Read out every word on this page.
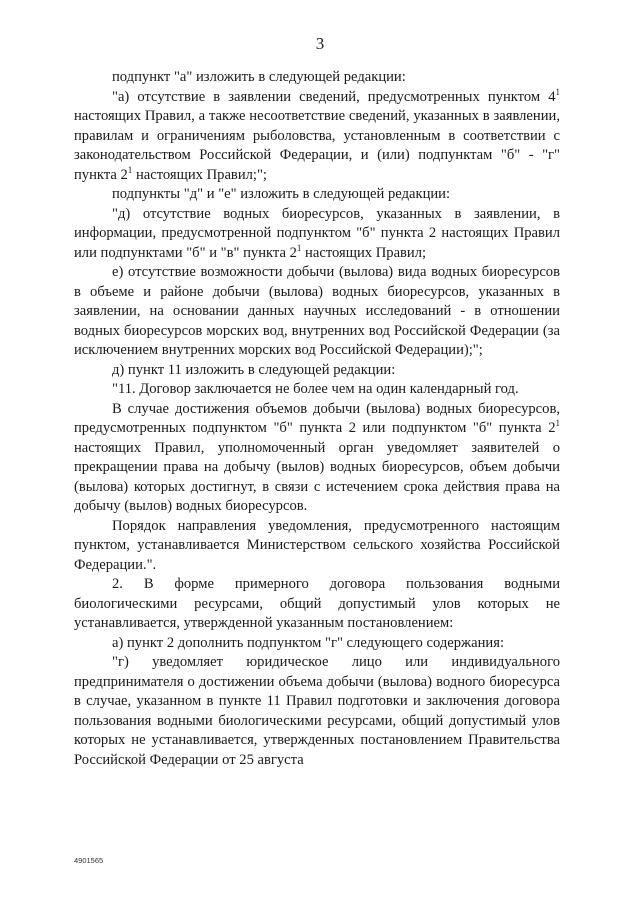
3

подпункт "а" изложить в следующей редакции:

"а) отсутствие в заявлении сведений, предусмотренных пунктом $4^1$ настоящих Правил, а также несоответствие сведений, указанных в заявлении, правилам и ограничениям рыболовства, установленным в соответствии с законодательством Российской Федерации, и (или) подпунктам "б" - "г" пункта $2^1$ настоящих Правил;";

подпункты "д" и "е" изложить в следующей редакции:

"д) отсутствие водных биоресурсов, указанных в заявлении, в информации, предусмотренной подпунктом "б" пункта 2 настоящих Правил или подпунктами "б" и "в" пункта $2^1$ настоящих Правил;

е) отсутствие возможности добычи (вылова) вида водных биоресурсов в объеме и районе добычи (вылова) водных биоресурсов, указанных в заявлении, на основании данных научных исследований - в отношении водных биоресурсов морских вод, внутренних вод Российской Федерации (за исключением внутренних морских вод Российской Федерации);";

д) пункт 11 изложить в следующей редакции:

"11. Договор заключается не более чем на один календарный год.

В случае достижения объемов добычи (вылова) водных биоресурсов, предусмотренных подпунктом "б" пункта 2 или подпунктом "б" пункта $2^1$ настоящих Правил, уполномоченный орган уведомляет заявителей о прекращении права на добычу (вылов) водных биоресурсов, объем добычи (вылова) которых достигнут, в связи с истечением срока действия права на добычу (вылов) водных биоресурсов.

Порядок направления уведомления, предусмотренного настоящим пунктом, устанавливается Министерством сельского хозяйства Российской Федерации.".

2. В форме примерного договора пользования водными биологическими ресурсами, общий допустимый улов которых не устанавливается, утвержденной указанным постановлением:

а) пункт 2 дополнить подпунктом "г" следующего содержания:

"г) уведомляет юридическое лицо или индивидуального предпринимателя о достижении объема добычи (вылова) водного биоресурса в случае, указанном в пункте 11 Правил подготовки и заключения договора пользования водными биологическими ресурсами, общий допустимый улов которых не устанавливается, утвержденных постановлением Правительства Российской Федерации от 25 августа

4901565
